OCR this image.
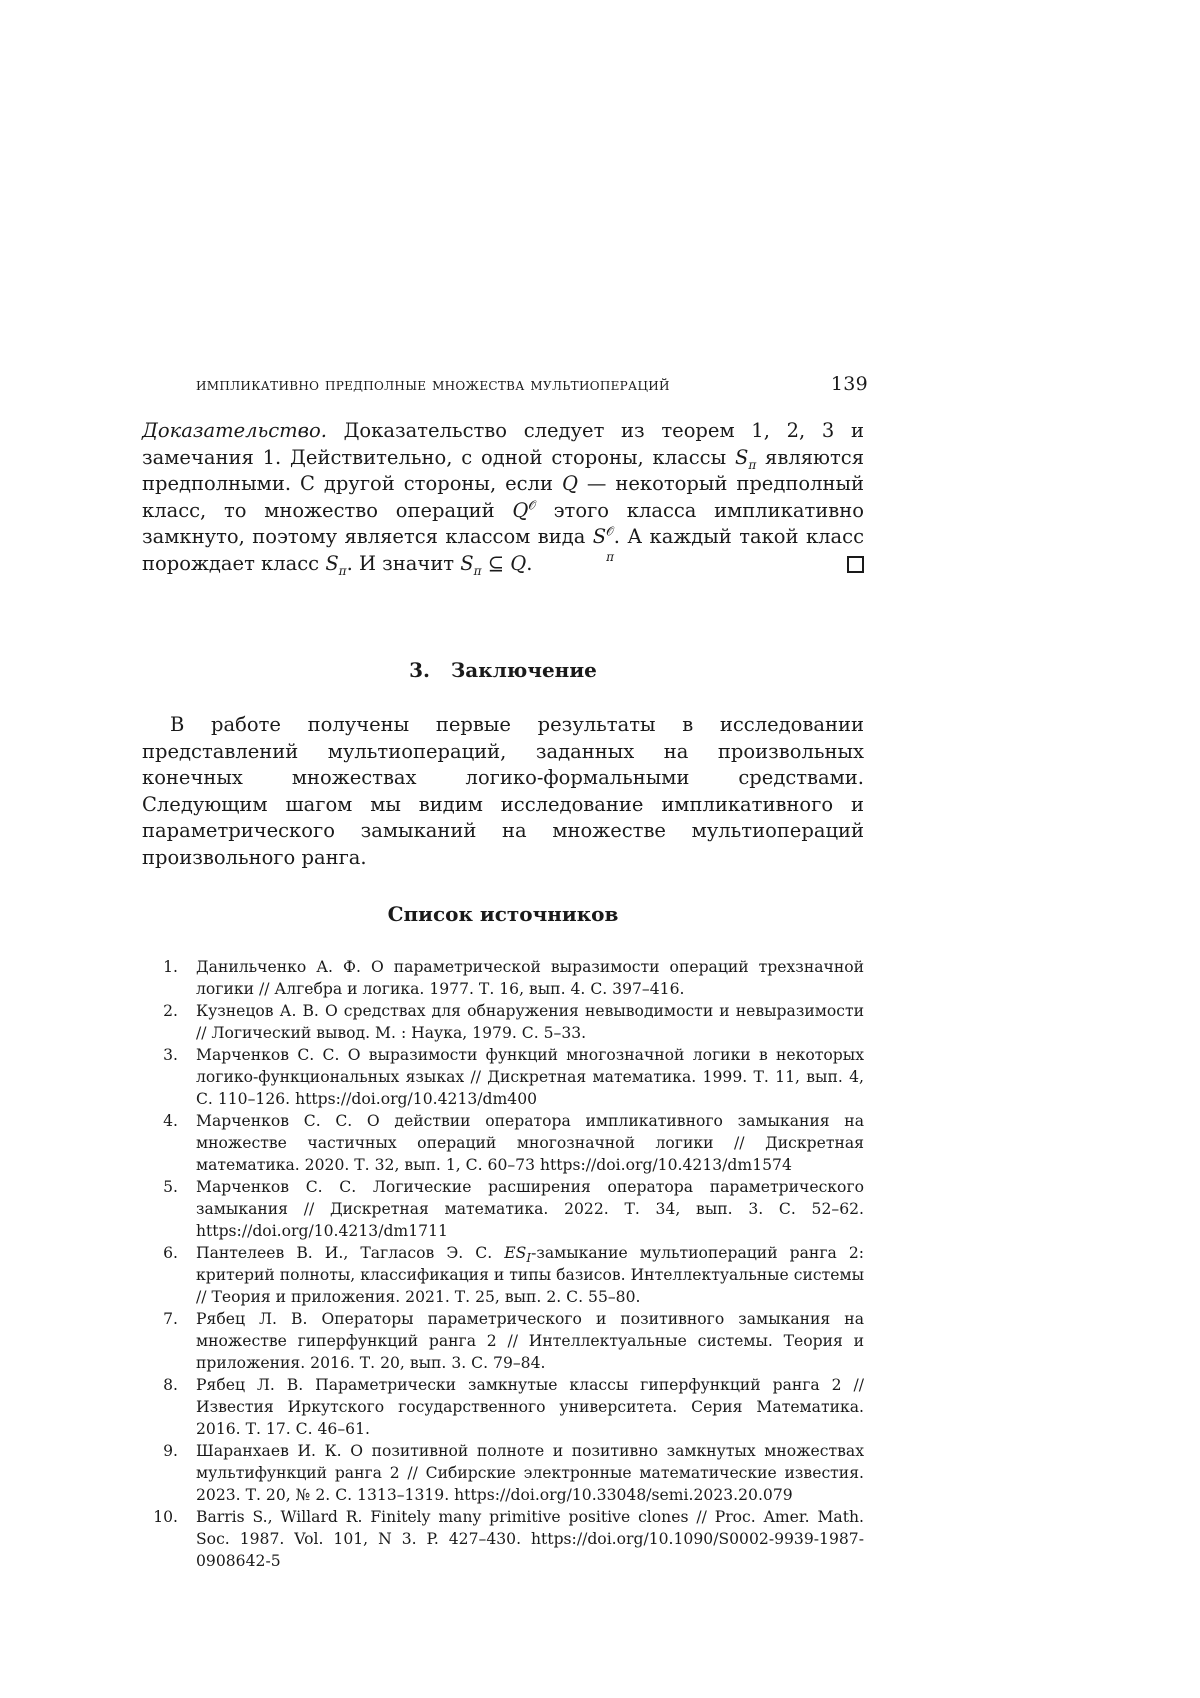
импликативно предполные множества мультиопераций	139
Доказательство. Доказательство следует из теорем 1, 2, 3 и замечания 1. Действительно, с одной стороны, классы $S_\pi$ являются предполными. С другой стороны, если Q — некоторый предполный класс, то множество операций $Q^𝒪$ этого класса импликативно замкнуто, поэтому является классом вида $S^𝒪$
π
. А каждый такой класс порождает класс $S_\pi$. И значит $S_\pi$ ⊆ Q.
3.   Заключение
В работе получены первые результаты в исследовании представлений мультиопераций, заданных на произвольных конечных множествах логико-формальными средствами. Следующим шагом мы видим исследование импликативного и параметрического замыканий на множестве мультиопераций произвольного ранга.
Список источников
1. Данильченко А. Ф. О параметрической выразимости операций трехзначной логики // Алгебра и логика. 1977. Т. 16, вып. 4. С. 397–416.
2. Кузнецов А. В. О средствах для обнаружения невыводимости и невыразимости // Логический вывод. М. : Наука, 1979. С. 5–33.
3. Марченков С. С. О выразимости функций многозначной логики в некоторых логико-функциональных языках // Дискретная математика. 1999. Т. 11, вып. 4, С. 110–126. https://doi.org/10.4213/dm400
4. Марченков С. С. О действии оператора импликативного замыкания на множестве частичных операций многозначной логики // Дискретная математика. 2020. Т. 32, вып. 1, С. 60–73 https://doi.org/10.4213/dm1574
5. Марченков С. С. Логические расширения оператора параметрического замыкания // Дискретная математика. 2022. Т. 34, вып. 3. С. 52–62. https://doi.org/10.4213/dm1711
6. Пантелеев В. И., Тагласов Э. С. $ES_I$-замыкание мультиопераций ранга 2: критерий полноты, классификация и типы базисов. Интеллектуальные системы // Теория и приложения. 2021. Т. 25, вып. 2. С. 55–80.
7. Рябец Л. В. Операторы параметрического и позитивного замыкания на множестве гиперфункций ранга 2 // Интеллектуальные системы. Теория и приложения. 2016. Т. 20, вып. 3. С. 79–84.
8. Рябец Л. В. Параметрически замкнутые классы гиперфункций ранга 2 // Известия Иркутского государственного университета. Серия Математика. 2016. Т. 17. С. 46–61.
9. Шаранхаев И. К. О позитивной полноте и позитивно замкнутых множествах мультифункций ранга 2 // Сибирские электронные математические известия. 2023. Т. 20, № 2. С. 1313–1319. https://doi.org/10.33048/semi.2023.20.079
10. Barris S., Willard R. Finitely many primitive positive clones // Proc. Amer. Math. Soc. 1987. Vol. 101, N 3. P. 427–430. https://doi.org/10.1090/S0002-9939-1987-0908642-5
